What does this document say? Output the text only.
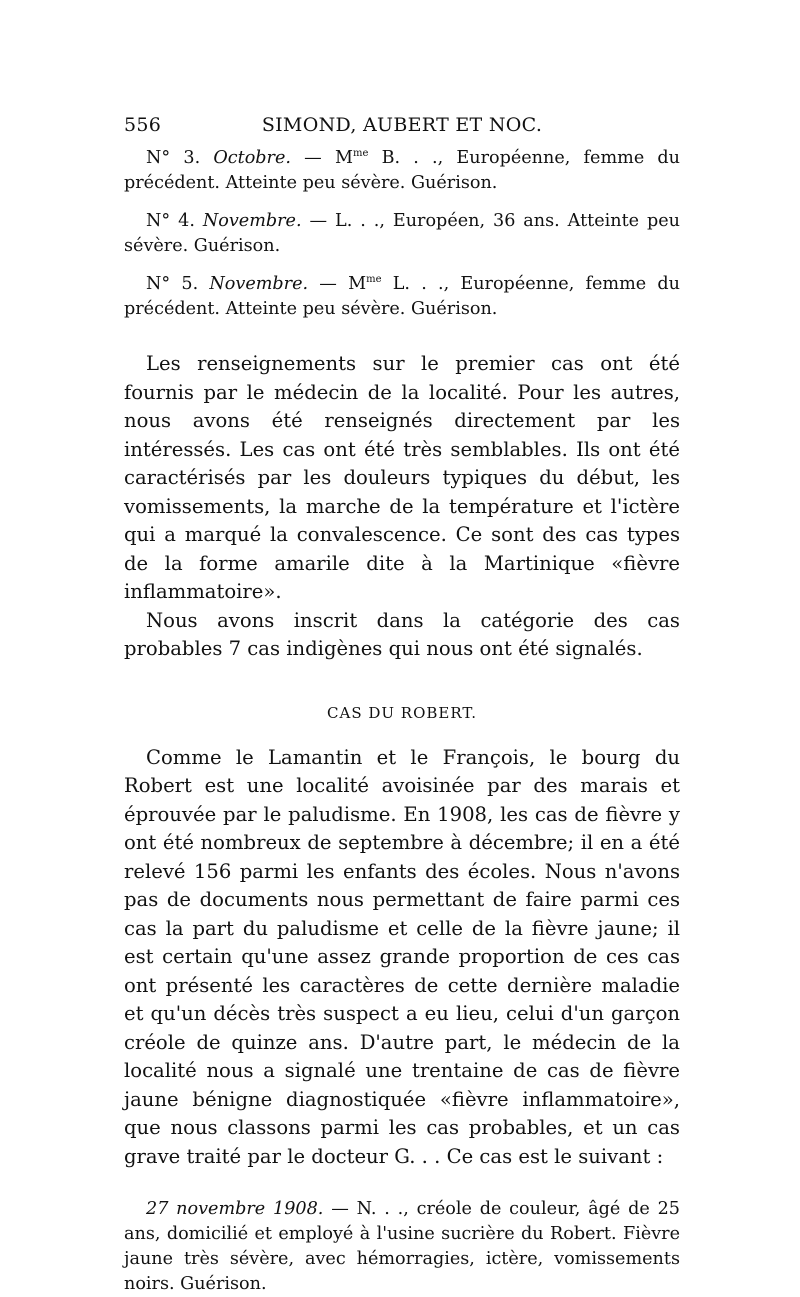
556	SIMOND, AUBERT ET NOC.

N° 3. Octobre. — $M^{me}$ B. . ., Européenne, femme du précédent. Atteinte peu sévère. Guérison.

N° 4. Novembre. — L. . ., Européen, 36 ans. Atteinte peu sévère. Guérison.

N° 5. Novembre. — $M^{me}$ L. . ., Européenne, femme du précédent. Atteinte peu sévère. Guérison.

Les renseignements sur le premier cas ont été fournis par le médecin de la localité. Pour les autres, nous avons été renseignés directement par les intéressés. Les cas ont été très semblables. Ils ont été caractérisés par les douleurs typiques du début, les vomissements, la marche de la température et l'ictère qui a marqué la convalescence. Ce sont des cas types de la forme amarile dite à la Martinique «fièvre inflammatoire».

Nous avons inscrit dans la catégorie des cas probables 7 cas indigènes qui nous ont été signalés.

CAS DU ROBERT.

Comme le Lamantin et le François, le bourg du Robert est une localité avoisinée par des marais et éprouvée par le paludisme. En 1908, les cas de fièvre y ont été nombreux de septembre à décembre; il en a été relevé 156 parmi les enfants des écoles. Nous n'avons pas de documents nous permettant de faire parmi ces cas la part du paludisme et celle de la fièvre jaune; il est certain qu'une assez grande proportion de ces cas ont présenté les caractères de cette dernière maladie et qu'un décès très suspect a eu lieu, celui d'un garçon créole de quinze ans. D'autre part, le médecin de la localité nous a signalé une trentaine de cas de fièvre jaune bénigne diagnostiquée «fièvre inflammatoire», que nous classons parmi les cas probables, et un cas grave traité par le docteur G. . . Ce cas est le suivant :

27 novembre 1908. — N. . ., créole de couleur, âgé de 25 ans, domicilié et employé à l'usine sucrière du Robert. Fièvre jaune très sévère, avec hémorragies, ictère, vomissements noirs. Guérison.
